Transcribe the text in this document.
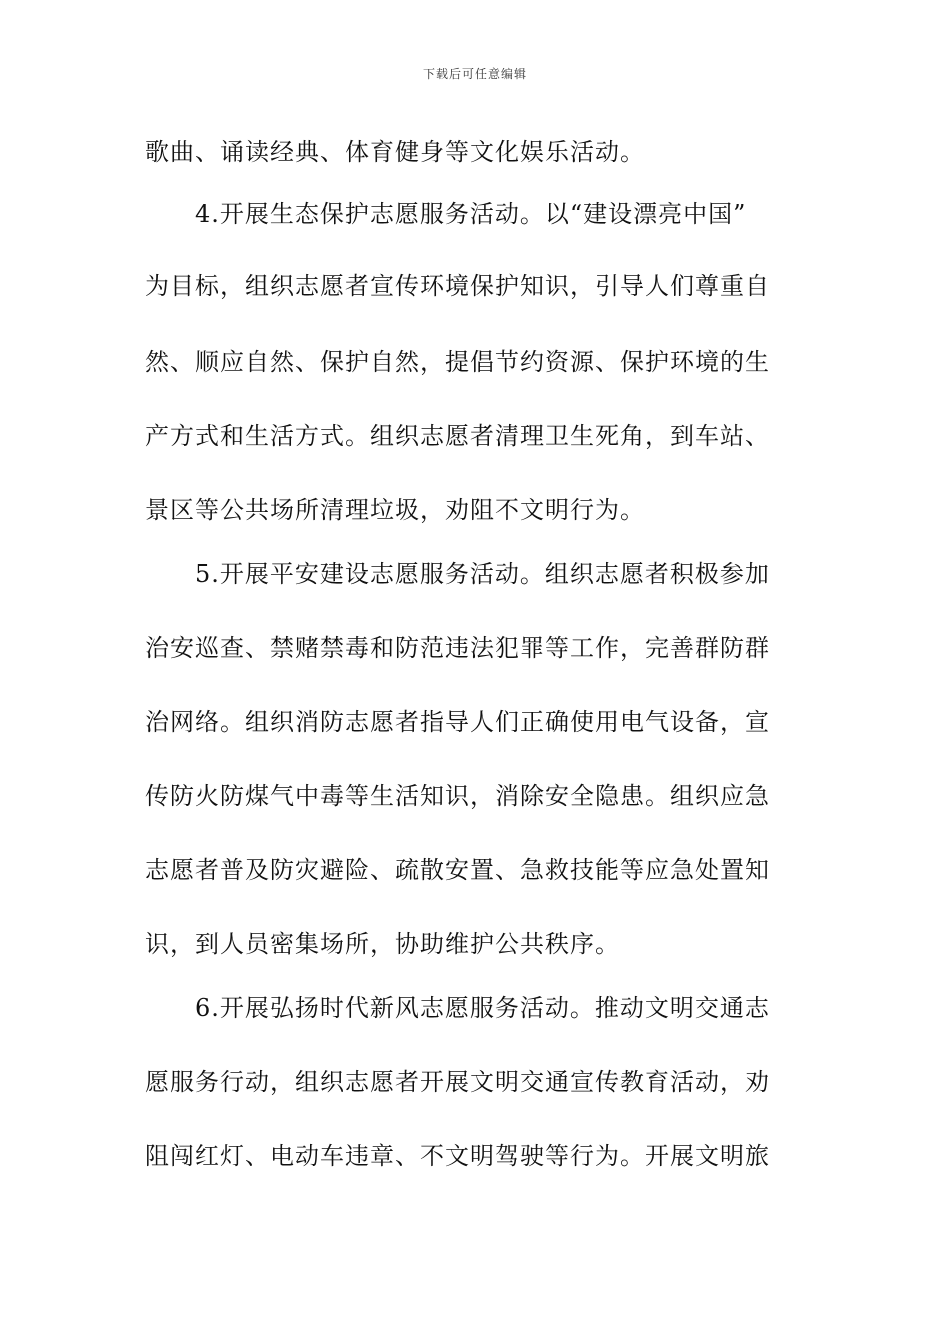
下载后可任意编辑
歌曲、诵读经典、体育健身等文化娱乐活动。
　　4.开展生态保护志愿服务活动。以“建设漂亮中国”
为目标，组织志愿者宣传环境保护知识，引导人们尊重自
然、顺应自然、保护自然，提倡节约资源、保护环境的生
产方式和生活方式。组织志愿者清理卫生死角，到车站、
景区等公共场所清理垃圾，劝阻不文明行为。
　　5.开展平安建设志愿服务活动。组织志愿者积极参加
治安巡查、禁赌禁毒和防范违法犯罪等工作，完善群防群
治网络。组织消防志愿者指导人们正确使用电气设备，宣
传防火防煤气中毒等生活知识，消除安全隐患。组织应急
志愿者普及防灾避险、疏散安置、急救技能等应急处置知
识，到人员密集场所，协助维护公共秩序。
　　6.开展弘扬时代新风志愿服务活动。推动文明交通志
愿服务行动，组织志愿者开展文明交通宣传教育活动，劝
阻闯红灯、电动车违章、不文明驾驶等行为。开展文明旅
